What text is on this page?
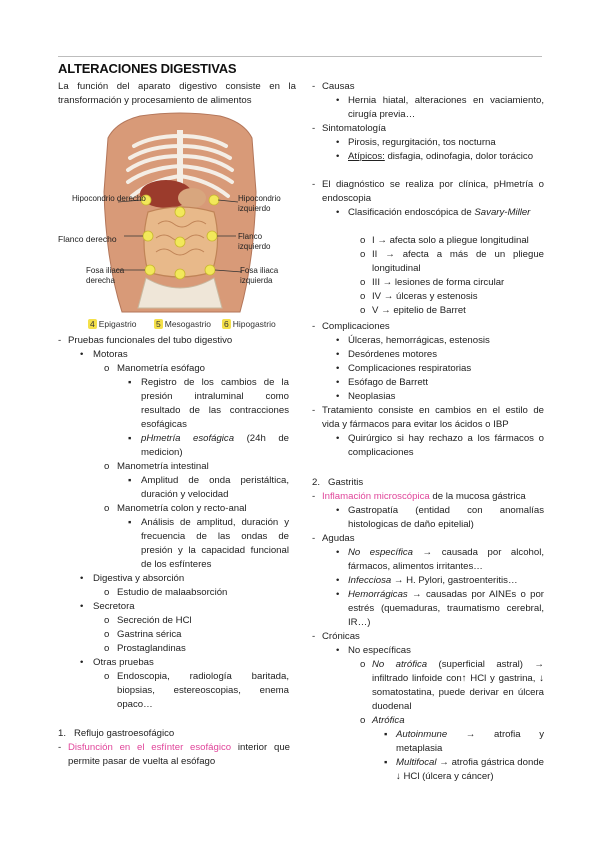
ALTERACIONES DIGESTIVAS
La función del aparato digestivo consiste en la transformación y procesamiento de alimentos
Hipocondrio derecho	Hipocondrio izquierdo
Flanco derecho	Flanco izquierdo
Fosa iliaca derecha
Fosa iliaca izquierda
4 Epigastrio 5 Mesogastrio 6 Hipogastrio
- Pruebas funcionales del tubo digestivo
• Motoras
o Manometría esófago
▪ Registro de los cambios de la presión intraluminal como resultado de las contracciones esofágicas
▪ pHmetría esofágica (24h de medicion)
o Manometría intestinal
▪ Amplitud de onda peristáltica, duración y velocidad
o Manometría colon y recto-anal
▪ Análisis de amplitud, duración y frecuencia de las ondas de presión y la capacidad funcional de los esfínteres
• Digestiva y absorción
o Estudio de malaabsorción
• Secretora
o Secreción de HCl
o Gastrina sérica
o Prostaglandinas
• Otras pruebas
o Endoscopia, radiología baritada, biopsias, estereoscopias, enema opaco…
1. Reflujo gastroesofágico
- Disfunción en el esfínter esofágico interior que permite pasar de vuelta al esófago
- Causas
• Hernia hiatal, alteraciones en vaciamiento, cirugía previa…
- Sintomatología
• Pirosis, regurgitación, tos nocturna
• Atípicos: disfagia, odinofagia, dolor torácico
- El diagnóstico se realiza por clínica, pHmetría o endoscopia
• Clasificación endoscópica de Savary-Miller
o I → afecta solo a pliegue longitudinal
o II → afecta a más de un pliegue longitudinal
o III → lesiones de forma circular
o IV → úlceras y estenosis
o V → epitelio de Barret
- Complicaciones
• Úlceras, hemorrágicas, estenosis
• Desórdenes motores
• Complicaciones respiratorias
• Esófago de Barrett
• Neoplasias
- Tratamiento consiste en cambios en el estilo de vida y fármacos para evitar los ácidos o IBP
• Quirúrgico si hay rechazo a los fármacos o complicaciones
2. Gastritis
- Inflamación microscópica de la mucosa gástrica
• Gastropatía (entidad con anomalías histologicas de daño epitelial)
- Agudas
• No específica → causada por alcohol, fármacos, alimentos irritantes…
• Infecciosa → H. Pylori, gastroenteritis…
• Hemorrágicas → causadas por AINEs o por estrés (quemaduras, traumatismo cerebral, IR…)
- Crónicas
• No específicas
o No atrófica (superficial astral) → infiltrado linfoide con↑ HCl y gastrina, ↓ somatostatina, puede derivar en úlcera duodenal
o Atrófica
▪ Autoinmune → atrofia y metaplasia
▪ Multifocal → atrofia gástrica donde ↓ HCl (úlcera y cáncer)
